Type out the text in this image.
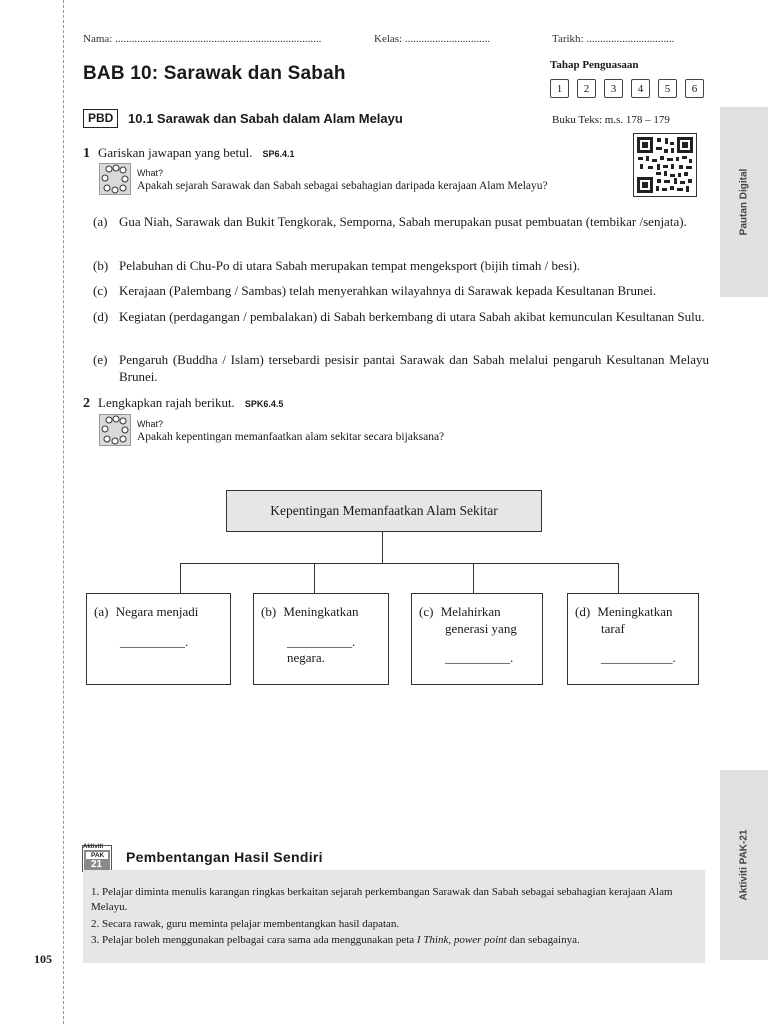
Nama: ...........................................................................	Kelas: ...............................	Tarikh: ................................
BAB 10: Sarawak dan Sabah	Tahap Penguasaan
1	2	3	4	5	6
PBD	10.1 Sarawak dan Sabah dalam Alam Melayu	Buku Teks: m.s. 178 – 179
Pautan Digital
Aktiviti PAK-21
1 Gariskan jawapan yang betul. SP6.4.1
What?
Apakah sejarah Sarawak dan Sabah sebagai sebahagian daripada kerajaan Alam Melayu?
(a) Gua Niah, Sarawak dan Bukit Tengkorak, Semporna, Sabah merupakan pusat pembuatan (tembikar /senjata).
(b) Pelabuhan di Chu-Po di utara Sabah merupakan tempat mengeksport (bijih timah / besi).
(c) Kerajaan (Palembang / Sambas) telah menyerahkan wilayahnya di Sarawak kepada Kesultanan Brunei.
(d) Kegiatan (perdagangan / pembalakan) di Sabah berkembang di utara Sabah akibat kemunculan Kesultanan Sulu.
(e) Pengaruh (Buddha / Islam) tersebardi pesisir pantai Sarawak dan Sabah melalui pengaruh Kesultanan Melayu Brunei.
2 Lengkapkan rajah berikut. SPK6.4.5
What?
Apakah kepentingan memanfaatkan alam sekitar secara bijaksana?
Kepentingan Memanfaatkan Alam Sekitar
(a) Negara menjadi
__________.
(b) Meningkatkan
__________.
negara.
(c) Melahirkan
generasi yang
__________.
(d) Meningkatkan
taraf
___________.
Aktiviti
PAK
21 Pembentangan Hasil Sendiri
1. Pelajar diminta menulis karangan ringkas berkaitan sejarah perkembangan Sarawak dan Sabah sebagai sebahagian kerajaan Alam Melayu.
2. Secara rawak, guru meminta pelajar membentangkan hasil dapatan.
3. Pelajar boleh menggunakan pelbagai cara sama ada menggunakan peta I Think, power point dan sebagainya.
105
